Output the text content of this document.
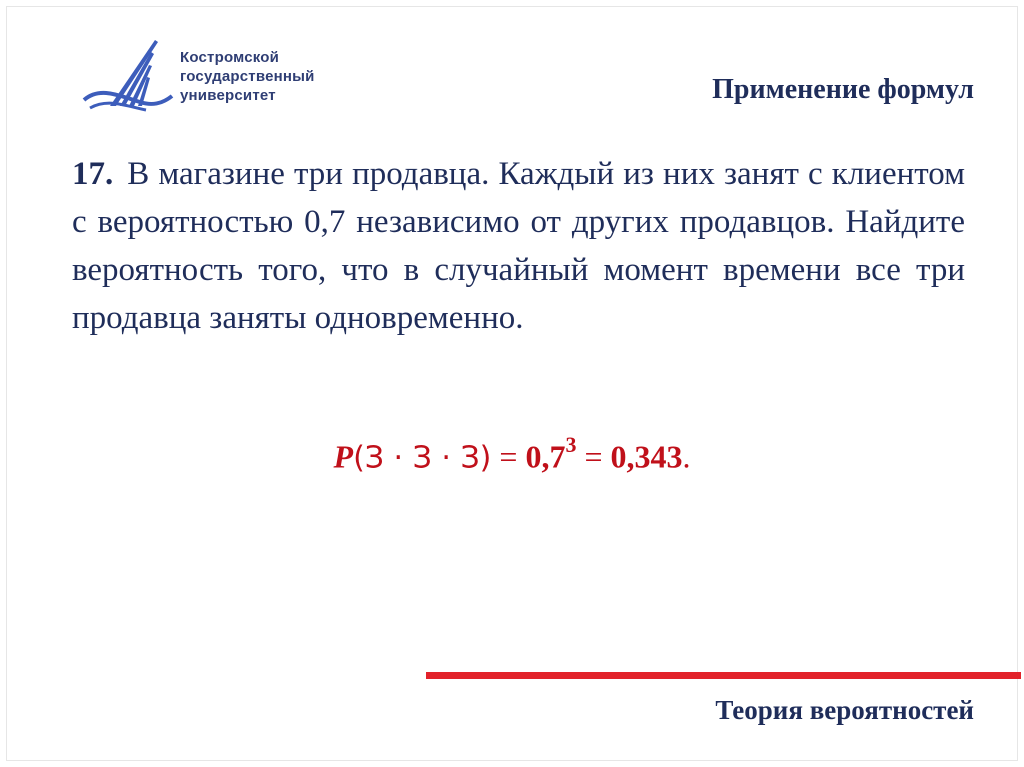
Костромской
государственный
университет	Применение формул
17. В магазине три продавца. Каждый из них занят с клиентом с вероятностью 0,7 независимо от других продавцов. Найдите вероятность того, что в случайный момент времени все три продавца заняты одновременно.
$P(З \cdot З \cdot З) = 0,7^3 = 0,343$.
Теория вероятностей
